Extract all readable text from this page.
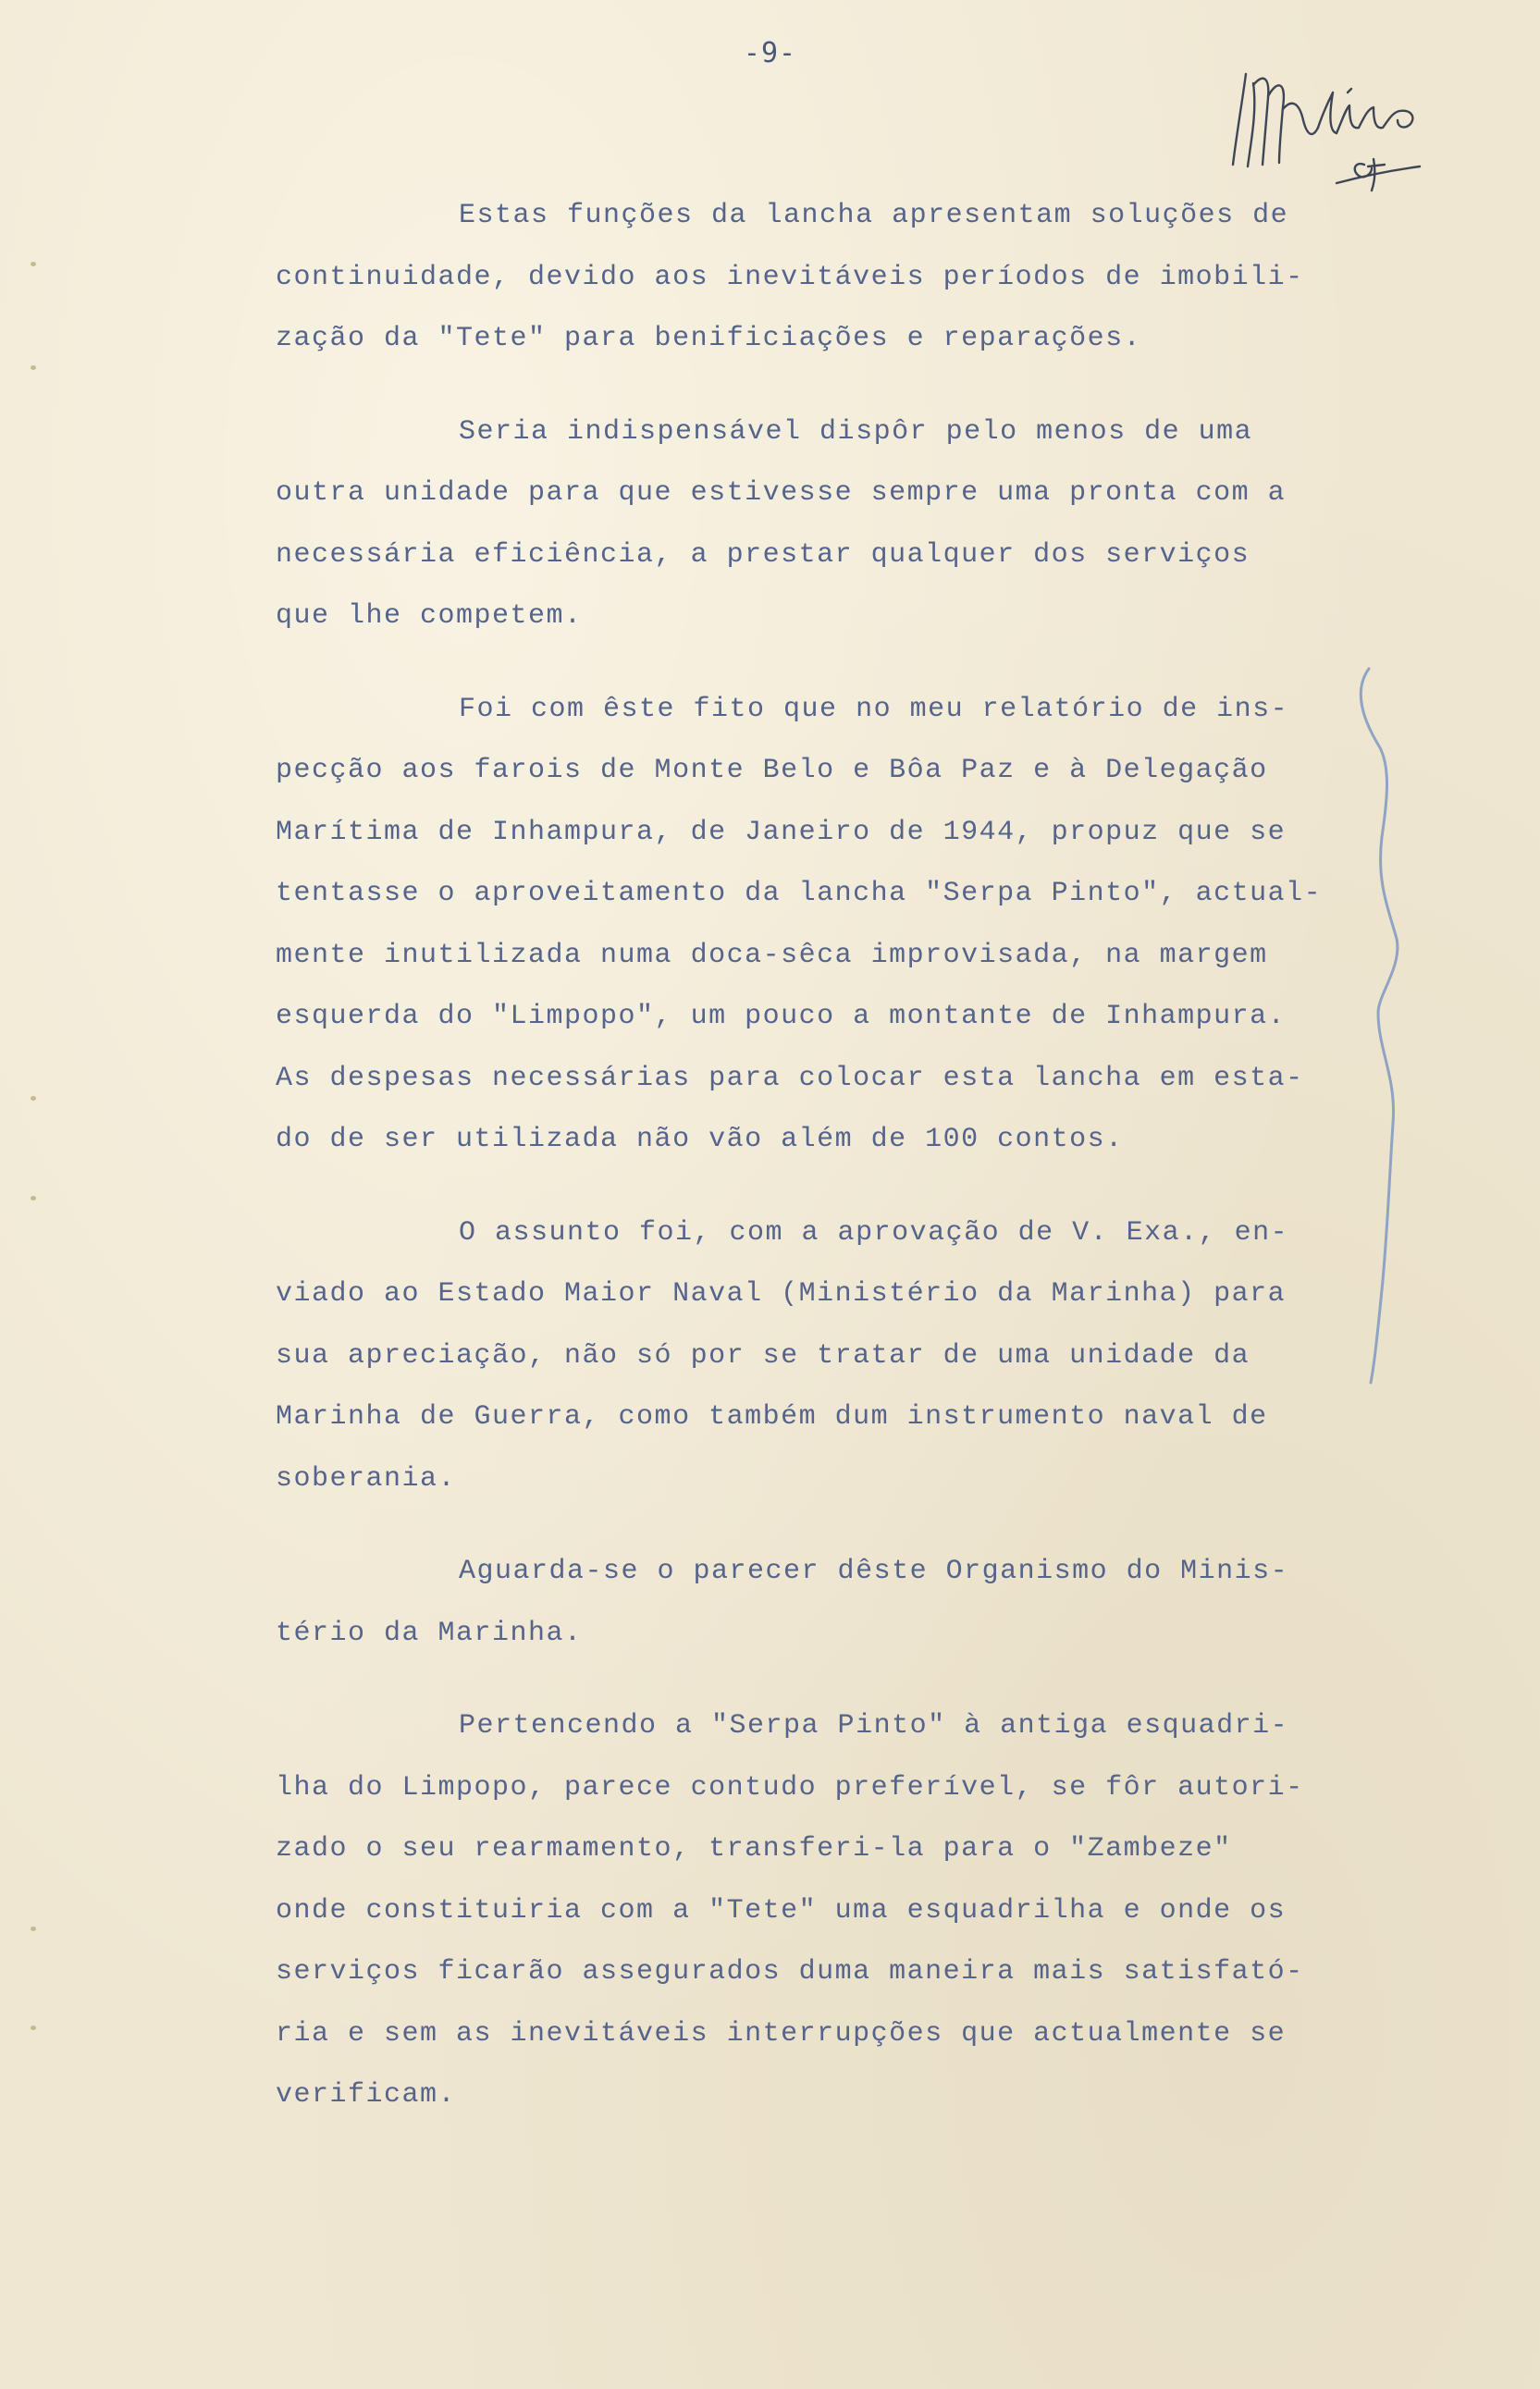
-9-
Estas funções da lancha apresentam soluções de
continuidade, devido aos inevitáveis períodos de imobili-
zação da "Tete" para benificiações e reparações.
Seria indispensável dispôr pelo menos de uma
outra unidade para que estivesse sempre uma pronta com a
necessária eficiência, a prestar qualquer dos serviços
que lhe competem.
Foi com êste fito que no meu relatório de ins-
pecção aos farois de Monte Belo e Bôa Paz e à Delegação
Marítima de Inhampura, de Janeiro de 1944, propuz que se
tentasse o aproveitamento da lancha "Serpa Pinto", actual-
mente inutilizada numa doca-sêca improvisada, na margem
esquerda do "Limpopo", um pouco a montante de Inhampura.
As despesas necessárias para colocar esta lancha em esta-
do de ser utilizada não vão além de 100 contos.
O assunto foi, com a aprovação de V. Exa., en-
viado ao Estado Maior Naval (Ministério da Marinha) para
sua apreciação, não só por se tratar de uma unidade da
Marinha de Guerra, como também dum instrumento naval de
soberania.
Aguarda-se o parecer dêste Organismo do Minis-
tério da Marinha.
Pertencendo a "Serpa Pinto" à antiga esquadri-
lha do Limpopo, parece contudo preferível, se fôr autori-
zado o seu rearmamento, transferi-la para o "Zambeze"
onde constituiria com a "Tete" uma esquadrilha e onde os
serviços ficarão assegurados duma maneira mais satisfató-
ria e sem as inevitáveis interrupções que actualmente se
verificam.
